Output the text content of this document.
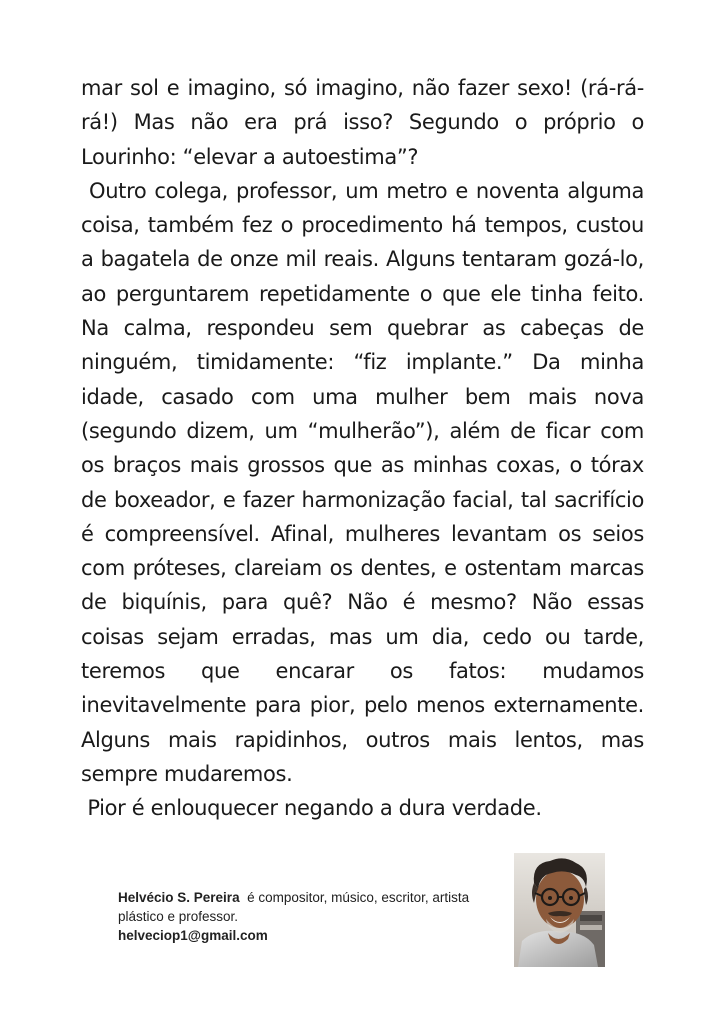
mar sol e imagino, só imagino, não fazer sexo! (rá-rá-rá!) Mas não era prá isso? Segundo o próprio o Lourinho: “elevar a autoestima”?

Outro colega, professor, um metro e noventa alguma coisa, também fez o procedimento há tempos, custou a bagatela de onze mil reais. Alguns tentaram gozá-lo, ao perguntarem repetidamente o que ele tinha feito. Na calma, respondeu sem quebrar as cabeças de ninguém, timidamente: “fiz implante.” Da minha idade, casado com uma mulher bem mais nova (segundo dizem, um “mulherão”), além de ficar com os braços mais grossos que as minhas coxas, o tórax de boxeador, e fazer harmonização facial, tal sacrifício é compreensível. Afinal, mulheres levantam os seios com próteses, clareiam os dentes, e ostentam marcas de biquínis, para quê? Não é mesmo? Não essas coisas sejam erradas, mas um dia, cedo ou tarde, teremos que encarar os fatos: mudamos inevitavelmente para pior, pelo menos externamente. Alguns mais rapidinhos, outros mais lentos, mas sempre mudaremos.

Pior é enlouquecer negando a dura verdade.

Helvécio S. Pereira é compositor, músico, escritor, artista plástico e professor.
helveciop1@gmail.com
